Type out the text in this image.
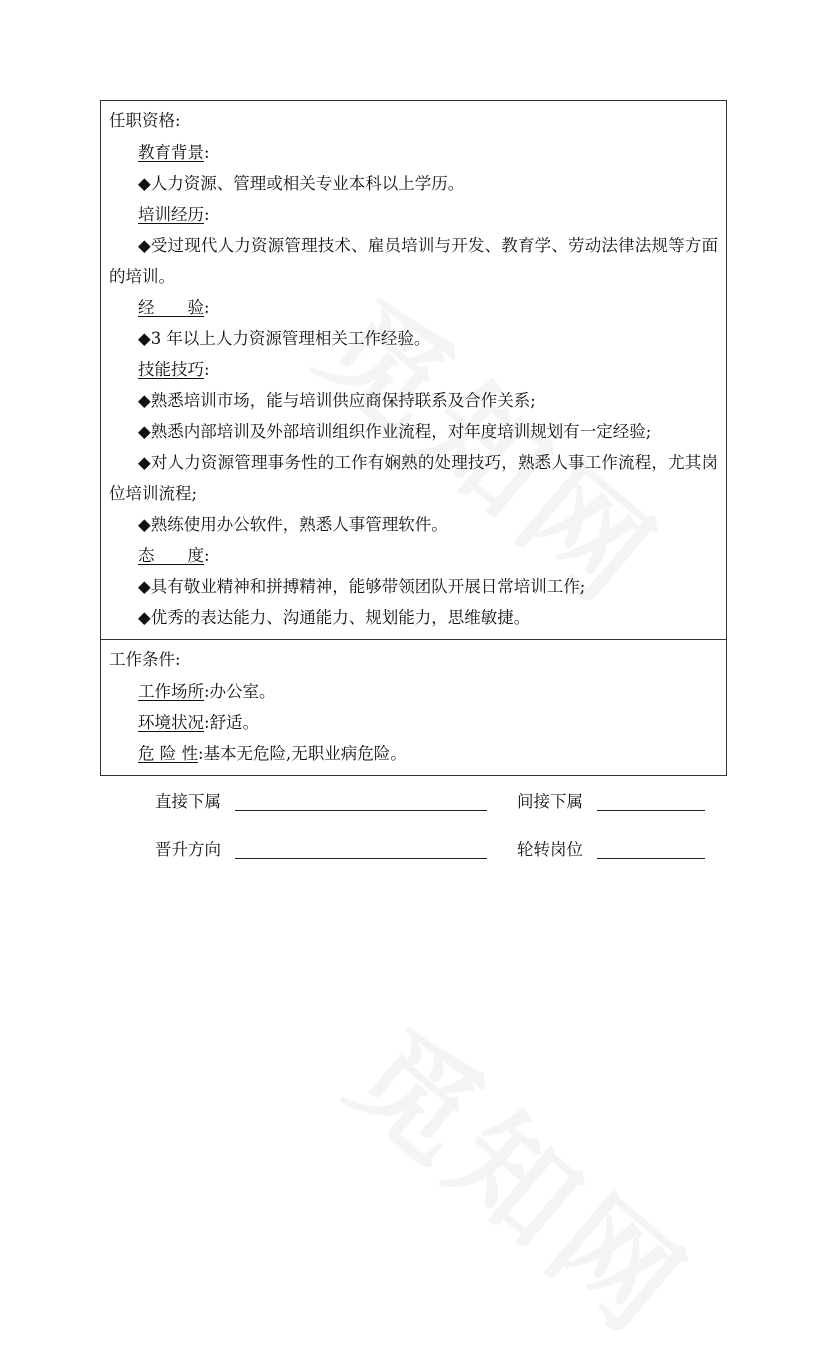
任职资格:
教育背景:
◆人力资源、管理或相关专业本科以上学历。
培训经历:
◆受过现代人力资源管理技术、雇员培训与开发、教育学、劳动法律法规等方面的培训。
经　　验:
◆3 年以上人力资源管理相关工作经验。
技能技巧:
◆熟悉培训市场，能与培训供应商保持联系及合作关系;
◆熟悉内部培训及外部培训组织作业流程，对年度培训规划有一定经验;
◆对人力资源管理事务性的工作有娴熟的处理技巧，熟悉人事工作流程，尤其岗位培训流程;
◆熟练使用办公软件，熟悉人事管理软件。
态　　度:
◆具有敬业精神和拼搏精神，能够带领团队开展日常培训工作;
◆优秀的表达能力、沟通能力、规划能力，思维敏捷。
工作条件:
工作场所:办公室。
环境状况:舒适。
危 险 性:基本无危险,无职业病危险。
直接下属	间接下属
晋升方向	轮转岗位
